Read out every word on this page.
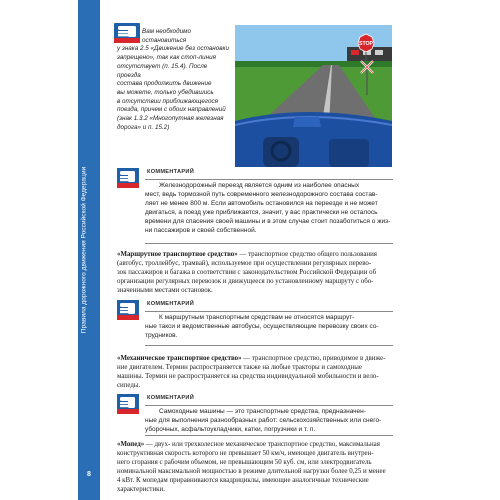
Правила дорожного движения Российской Федерации
8
Вам необходимо
остановиться
у знака 2.5 «Движение без остановки
запрещено», так как стоп-линия
отсутствует (п. 15.4). После проезда
состава продолжить движение
вы можете, только убедившись
в отсутствии приближающегося
поезда, причем с обоих направлений
(знак 1.3.2 «Многопутная железная
дорога» и п. 15.2)
STOP
КОММЕНТАРИЙ
Железнодорожный переезд является одним из наиболее опасных
мест, ведь тормозной путь современного железнодорожного состава состав-
ляет не менее 800 м. Если автомобиль остановился на переезде и не может
двигаться, а поезд уже приближается, значит, у вас практически не осталось
времени для спасения своей машины и в этом случае стоит позаботиться о жиз-
ни пассажиров и своей собственной.
«Маршрутное транспортное средство» — транспортное средство общего пользования
(автобус, троллейбус, трамвай), используемое при осуществлении регулярных перево-
зок пассажиров и багажа в соответствии с законодательством Российской Федерации об
организации регулярных перевозок и движущееся по установленному маршруту с обо-
значенными местами остановок.
КОММЕНТАРИЙ
К маршрутным транспортным средствам не относятся маршрут-
ные такси и ведомственные автобусы, осуществляющие перевозку своих со-
трудников.
«Механическое транспортное средство» — транспортное средство, приводимое в движе-
ние двигателем. Термин распространяется также на любые тракторы и самоходные
машины. Термин не распространяется на средства индивидуальной мобильности и вело-
сипеды.
КОММЕНТАРИЙ
Самоходные машины — это транспортные средства, предназначен-
ные для выполнения разнообразных работ: сельскохозяйственных или снего-
уборочных, асфальтоукладчики, катки, погрузчики и т. п.
«Мопед» — двух- или трехколесное механическое транспортное средство, максимальная
конструктивная скорость которого не превышает 50 км/ч, имеющее двигатель внутрен-
него сгорания с рабочим объемом, не превышающим 50 куб. см, или электродвигатель
номинальной максимальной мощностью в режиме длительной нагрузки более 0,25 и менее
4 кВт. К мопедам приравниваются квадрициклы, имеющие аналогичные технические
характеристики.
